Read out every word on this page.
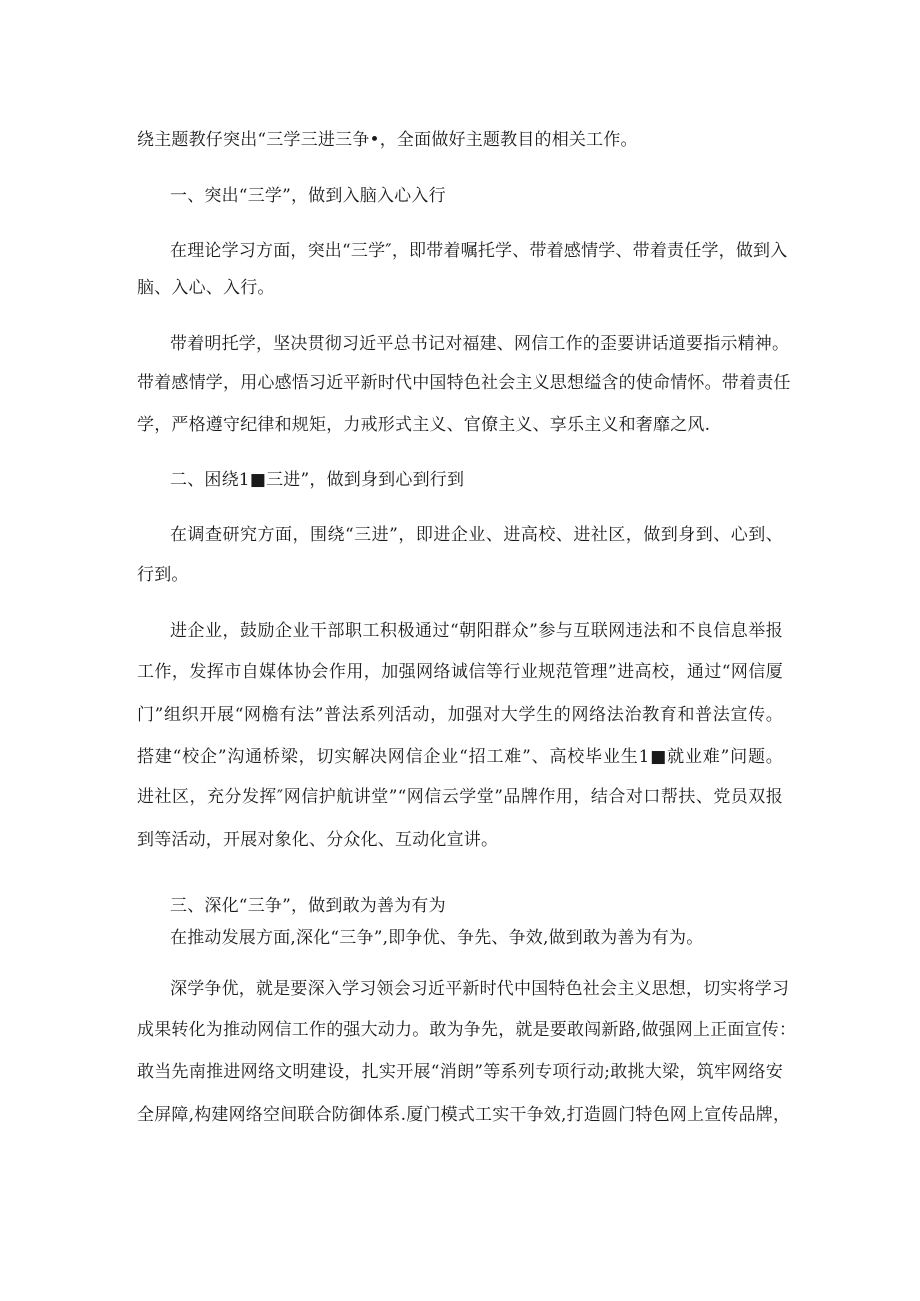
绕主题教仔突出“三学三进三争•，全面做好主题教目的相关工作。

一、突出“三学”，做到入脑入心入行

在理论学习方面，突出“三学″，即带着嘱托学、带着感情学、带着责任学，做到入

脑、入心、入行。

带着明托学，坚决贯彻习近平总书记对福建、网信工作的歪要讲话道要指示精神。

带着感情学，用心感悟习近平新时代中国特色社会主义思想缢含的使命情怀。带着责任

学，严格遵守纪律和规矩，力戒形式主义、官僚主义、享乐主义和奢靡之风.

二、困绕1■三进”，做到身到心到行到

在调查研究方面，围绕“三进”，即进企业、进高校、进社区，做到身到、心到、

行到。

进企业，鼓励企业干部职工积极通过“朝阳群众”参与互联网违法和不良信息举报

工作，发挥市自媒体协会作用，加强网络诚信等行业规范管理”进高校，通过“网信厦

门”组织开展“网檐有法”普法系列活动，加强对大学生的网络法治教育和普法宣传。

搭建“校企”沟通桥梁，切实解决网信企业“招工难”、高校毕业生1■就业难”问题。

进社区，充分发挥″网信护航讲堂”“网信云学堂”品牌作用，结合对口帮扶、党员双报

到等活动，开展对象化、分众化、互动化宣讲。

三、深化“三争”，做到敢为善为有为

在推动发展方面,深化“三争”,即争优、争先、争效,做到敢为善为有为。

深学争优，就是要深入学习领会习近平新时代中国特色社会主义思想，切实将学习

成果转化为推动网信工作的强大动力。敢为争先，就是要敢闯新路,做强网上正面宣传：

敢当先南推进网络文明建设，扎实开展“消朗”等系列专项行动;敢挑大梁，筑牢网络安

全屏障,构建网络空间联合防御体系.厦门模式工实干争效,打造圆门特色网上宣传品牌，
